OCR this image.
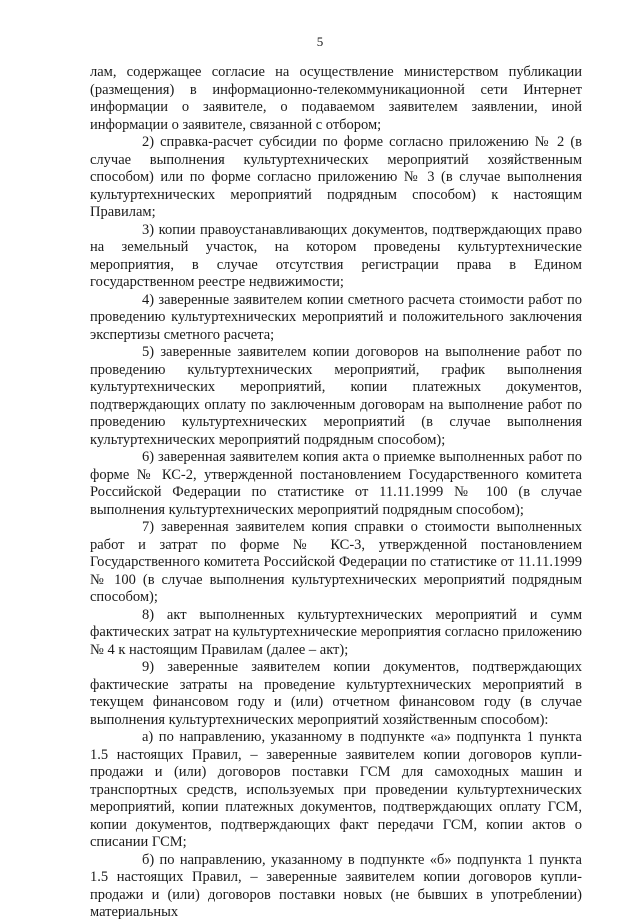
5

лам, содержащее согласие на осуществление министерством публикации (размещения) в информационно-телекоммуникационной сети Интернет информации о заявителе, о подаваемом заявителем заявлении, иной информации о заявителе, связанной с отбором;

2) справка-расчет субсидии по форме согласно приложению № 2 (в случае выполнения культуртехнических мероприятий хозяйственным способом) или по форме согласно приложению № 3 (в случае выполнения культуртехнических мероприятий подрядным способом) к настоящим Правилам;

3) копии правоустанавливающих документов, подтверждающих право на земельный участок, на котором проведены культуртехнические мероприятия, в случае отсутствия регистрации права в Едином государственном реестре недвижимости;

4) заверенные заявителем копии сметного расчета стоимости работ по проведению культуртехнических мероприятий и положительного заключения экспертизы сметного расчета;

5) заверенные заявителем копии договоров на выполнение работ по проведению культуртехнических мероприятий, график выполнения культуртехнических мероприятий, копии платежных документов, подтверждающих оплату по заключенным договорам на выполнение работ по проведению культуртехнических мероприятий (в случае выполнения культуртехнических мероприятий подрядным способом);

6) заверенная заявителем копия акта о приемке выполненных работ по форме № КС-2, утвержденной постановлением Государственного комитета Российской Федерации по статистике от 11.11.1999 № 100 (в случае выполнения культуртехнических мероприятий подрядным способом);

7) заверенная заявителем копия справки о стоимости выполненных работ и затрат по форме № КС-3, утвержденной постановлением Государственного комитета Российской Федерации по статистике от 11.11.1999 № 100 (в случае выполнения культуртехнических мероприятий подрядным способом);

8) акт выполненных культуртехнических мероприятий и сумм фактических затрат на культуртехнические мероприятия согласно приложению № 4 к настоящим Правилам (далее – акт);

9) заверенные заявителем копии документов, подтверждающих фактические затраты на проведение культуртехнических мероприятий в текущем финансовом году и (или) отчетном финансовом году (в случае выполнения культуртехнических мероприятий хозяйственным способом):

а) по направлению, указанному в подпункте «а» подпункта 1 пункта 1.5 настоящих Правил, – заверенные заявителем копии договоров купли-продажи и (или) договоров поставки ГСМ для самоходных машин и транспортных средств, используемых при проведении культуртехнических мероприятий, копии платежных документов, подтверждающих оплату ГСМ, копии документов, подтверждающих факт передачи ГСМ, копии актов о списании ГСМ;

б) по направлению, указанному в подпункте «б» подпункта 1 пункта 1.5 настоящих Правил, – заверенные заявителем копии договоров купли-продажи и (или) договоров поставки новых (не бывших в употреблении) материальных
